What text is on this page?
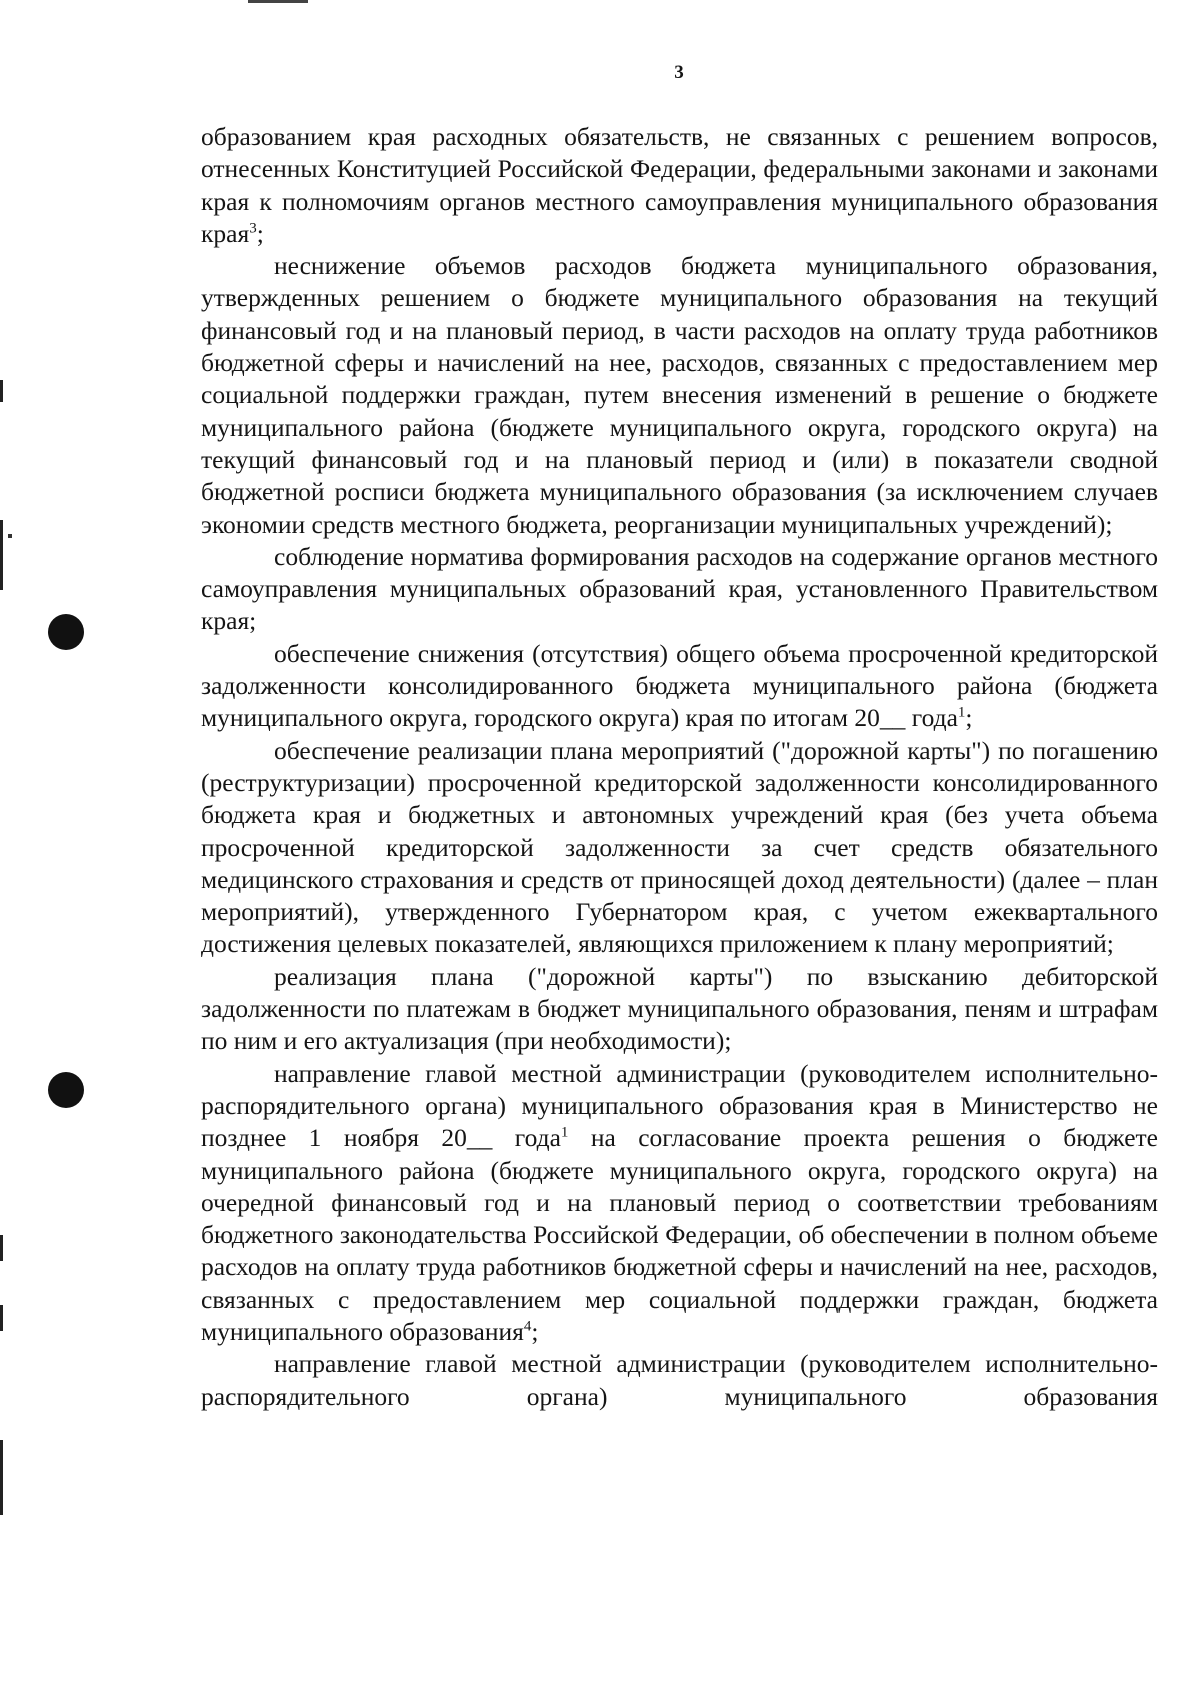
3

образованием края расходных обязательств, не связанных с решением вопросов, отнесенных Конституцией Российской Федерации, федеральными законами и законами края к полномочиям органов местного самоуправления муниципального образования края$^3$;

неснижение объемов расходов бюджета муниципального образования, утвержденных решением о бюджете муниципального образования на текущий финансовый год и на плановый период, в части расходов на оплату труда работников бюджетной сферы и начислений на нее, расходов, связанных с предоставлением мер социальной поддержки граждан, путем внесения изменений в решение о бюджете муниципального района (бюджете муниципального округа, городского округа) на текущий финансовый год и на плановый период и (или) в показатели сводной бюджетной росписи бюджета муниципального образования (за исключением случаев экономии средств местного бюджета, реорганизации муниципальных учреждений);

соблюдение норматива формирования расходов на содержание органов местного самоуправления муниципальных образований края, установленного Правительством края;

обеспечение снижения (отсутствия) общего объема просроченной кредиторской задолженности консолидированного бюджета муниципального района (бюджета муниципального округа, городского округа) края по итогам 20__ года$^1$;

обеспечение реализации плана мероприятий ("дорожной карты") по погашению (реструктуризации) просроченной кредиторской задолженности консолидированного бюджета края и бюджетных и автономных учреждений края (без учета объема просроченной кредиторской задолженности за счет средств обязательного медицинского страхования и средств от приносящей доход деятельности) (далее – план мероприятий), утвержденного Губернатором края, с учетом ежеквартального достижения целевых показателей, являющихся приложением к плану мероприятий;

реализация плана ("дорожной карты") по взысканию дебиторской задолженности по платежам в бюджет муниципального образования, пеням и штрафам по ним и его актуализация (при необходимости);

направление главой местной администрации (руководителем исполнительно-распорядительного органа) муниципального образования края в Министерство не позднее 1 ноября 20__ года$^1$ на согласование проекта решения о бюджете муниципального района (бюджете муниципального округа, городского округа) на очередной финансовый год и на плановый период о соответствии требованиям бюджетного законодательства Российской Федерации, об обеспечении в полном объеме расходов на оплату труда работников бюджетной сферы и начислений на нее, расходов, связанных с предоставлением мер социальной поддержки граждан, бюджета муниципального образования$^4$;

направление главой местной администрации (руководителем исполнительно-распорядительного органа) муниципального образования
